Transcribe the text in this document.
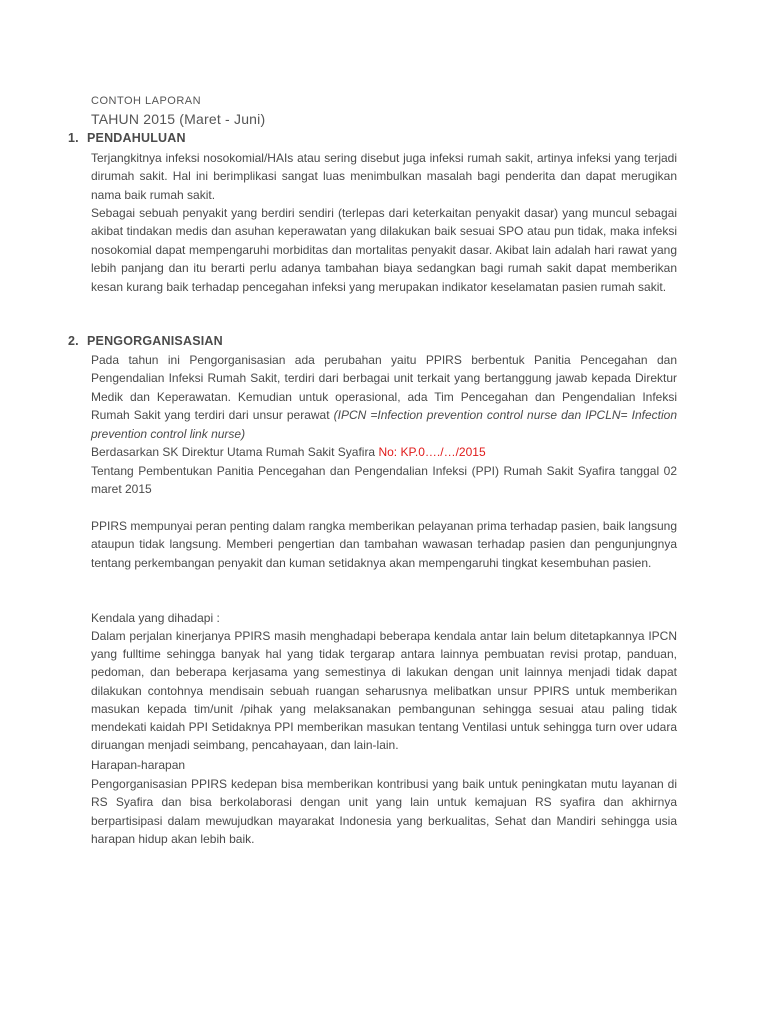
CONTOH LAPORAN
TAHUN 2015 (Maret - Juni)
1. PENDAHULUAN
Terjangkitnya infeksi nosokomial/HAIs atau sering disebut juga infeksi rumah sakit, artinya infeksi yang terjadi dirumah sakit. Hal ini berimplikasi sangat luas menimbulkan masalah bagi penderita dan dapat merugikan nama baik rumah sakit.
Sebagai sebuah penyakit yang berdiri sendiri (terlepas dari keterkaitan penyakit dasar) yang muncul sebagai akibat tindakan medis dan asuhan keperawatan yang dilakukan baik sesuai SPO atau pun tidak, maka infeksi nosokomial dapat mempengaruhi morbiditas dan mortalitas penyakit dasar. Akibat lain adalah hari rawat yang lebih panjang dan itu berarti perlu adanya tambahan biaya sedangkan bagi rumah sakit dapat memberikan kesan kurang baik terhadap pencegahan infeksi yang merupakan indikator keselamatan pasien rumah sakit.
2. PENGORGANISASIAN
Pada tahun ini Pengorganisasian ada perubahan yaitu PPIRS berbentuk Panitia Pencegahan dan Pengendalian Infeksi Rumah Sakit, terdiri dari berbagai unit terkait yang bertanggung jawab kepada Direktur Medik dan Keperawatan. Kemudian untuk operasional, ada Tim Pencegahan dan Pengendalian Infeksi Rumah Sakit yang terdiri dari unsur perawat (IPCN =Infection prevention control nurse dan IPCLN= Infection prevention control link nurse)
Berdasarkan SK Direktur Utama Rumah Sakit Syafira No: KP.0…./…/2015
Tentang Pembentukan Panitia Pencegahan dan Pengendalian Infeksi (PPI) Rumah Sakit Syafira tanggal 02 maret 2015
PPIRS mempunyai peran penting dalam rangka memberikan pelayanan prima terhadap pasien, baik langsung ataupun tidak langsung. Memberi pengertian dan tambahan wawasan terhadap pasien dan pengunjungnya tentang perkembangan penyakit dan kuman setidaknya akan mempengaruhi tingkat kesembuhan pasien.
Kendala yang dihadapi :
Dalam perjalan kinerjanya PPIRS masih menghadapi beberapa kendala antar lain belum ditetapkannya IPCN yang fulltime sehingga banyak hal yang tidak tergarap antara lainnya pembuatan revisi protap, panduan, pedoman, dan beberapa kerjasama yang semestinya di lakukan dengan unit lainnya menjadi tidak dapat dilakukan contohnya mendisain sebuah ruangan seharusnya melibatkan unsur PPIRS untuk memberikan masukan kepada tim/unit /pihak yang melaksanakan pembangunan sehingga sesuai atau paling tidak mendekati kaidah PPI Setidaknya PPI memberikan masukan tentang Ventilasi untuk sehingga turn over udara diruangan menjadi seimbang, pencahayaan, dan lain-lain.
Harapan-harapan
Pengorganisasian PPIRS kedepan bisa memberikan kontribusi yang baik untuk peningkatan mutu layanan di RS Syafira dan bisa berkolaborasi dengan unit yang lain untuk kemajuan RS syafira dan akhirnya berpartisipasi dalam mewujudkan mayarakat Indonesia yang berkualitas, Sehat dan Mandiri sehingga usia harapan hidup akan lebih baik.
